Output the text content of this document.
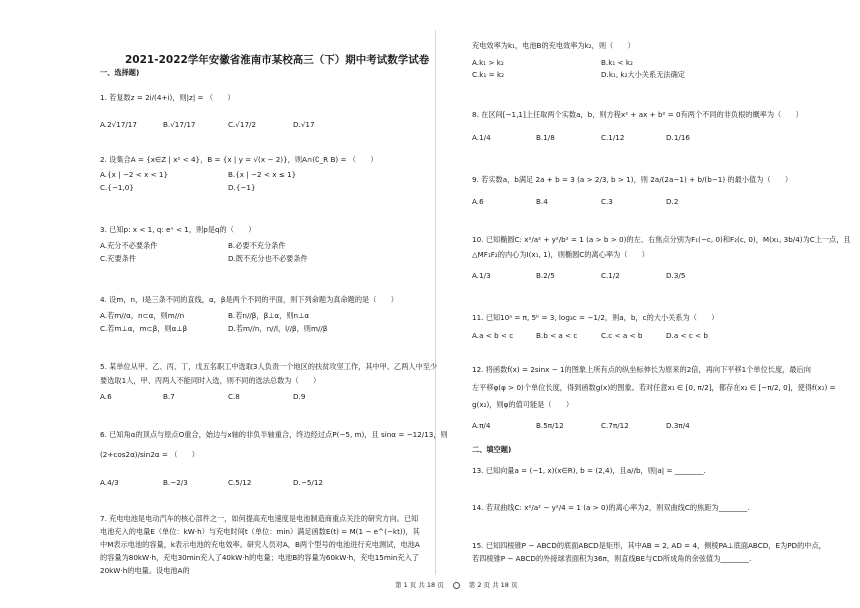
2021-2022学年安徽省淮南市某校高三（下）期中考试数学试卷
一、选择题)
1. 若复数z = 2i/(4+i)，则|z| = （　　）
A.2√17/17	B.√17/17	C.√17/2	D.√17
2. 设集合A = {x∈Z | x² < 4}，B = {x | y = √(x − 2)}，则A∩(∁_R B) = （　　）
A.{x | −2 < x < 1}	B.{x | −2 < x ≤ 1}
C.{−1,0}	D.{−1}
3. 已知p: x < 1, q: eˣ < 1，则p是q的（　　）
A.充分不必要条件	B.必要不充分条件
C.充要条件	D.既不充分也不必要条件
4. 设m，n，l是三条不同的直线，α，β是两个不同的平面，则下列命题为真命题的是（　　）
A.若m//α，n⊂α，则m//n	B.若n//β，β⊥α，则n⊥α
C.若m⊥α，m⊂β，则α⊥β	D.若m//n，n//l，l//β，则m//β
5. 某单位从甲、乙、丙、丁，戊五名职工中选取3人负责一个地区的扶贫攻坚工作，其中甲、乙两人中至少
要选取1人，甲、丙两人不能同时入选，则不同的选法总数为（　　）
A.6	B.7	C.8	D.9
6. 已知角α的顶点与原点O重合，始边与x轴的非负半轴重合，终边经过点P(−5, m)，且 sinα = −12/13，则
(2+cos2α)/sin2α = （　　）
A.4/3	B.−2/3	C.5/12	D.−5/12
7. 充电电池是电动汽车的核心部件之一，如何提高充电速度是电池制造商重点关注的研究方向。已知电池充入的电量E（单位：kW·h）与充电时间t（单位：min）满足函数E(t) = M(1 − e^(−kt))，其中M表示电池的容量，k表示电池的充电效率。研究人员对A，B两个型号的电池进行充电测试，电池A的容量为80kW·h，充电30min充入了40kW·h的电量；电池B的容量为60kW·h，充电15min充入了20kW·h的电量。设电池A的
充电效率为k₁，电池B的充电效率为k₂，则（　　）
A.k₁ > k₂	B.k₁ < k₂
C.k₁ = k₂	D.k₁, k₂大小关系无法确定
8. 在区间[−1,1]上任取两个实数a，b，则方程x² + ax + b² = 0有两个不同的非负根的概率为（　　）
A.1/4	B.1/8	C.1/12	D.1/16
9. 若实数a，b满足 2a + b = 3 (a > 2/3, b > 1)，则 2a/(2a−1) + b/(b−1) 的最小值为（　　）
A.6	B.4	C.3	D.2
10. 已知椭圆C: x²/a² + y²/b² = 1 (a > b > 0)的左、右焦点分别为F₁(−c, 0)和F₂(c, 0)，M(x₁, 3b/4)为C上一点，且
△MF₁F₂的内心为I(x₁, 1)，则椭圆C的离心率为（　　）
A.1/3	B.2/5	C.1/2	D.3/5
11. 已知10ᵃ = π, 5ᵇ = 3, log₃c = −1/2，则a，b，c的大小关系为（　　）
A.a < b < c	B.b < a < c	C.c < a < b	D.a < c < b
12. 将函数f(x) = 2sinx − 1的图象上所有点的纵坐标伸长为原来的2倍，再向下平移1个单位长度，最后向
左平移φ(φ > 0)个单位长度，得到函数g(x)的图象。若对任意x₁ ∈ [0, π/2]，都存在x₂ ∈ [−π/2, 0]，使得f(x₁) =
g(x₂)，则φ的值可能是（　　）
A.π/4	B.5π/12	C.7π/12	D.3π/4
二、填空题)
13. 已知向量a = (−1, x)(x∈R), b = (2,4)，且a//b，则|a| = ________.
14. 若双曲线C: x²/a² − y²/4 = 1 (a > 0)的离心率为2，则双曲线C的焦距为________.
15. 已知四棱锥P − ABCD的底面ABCD是矩形，其中AB = 2, AD = 4，侧棱PA⊥底面ABCD，E为PD的中点，
若四棱锥P − ABCD的外接球表面积为36π，则直线BE与CD所成角的余弦值为________.
第 1 页 共 18 页	第 2 页 共 18 页
